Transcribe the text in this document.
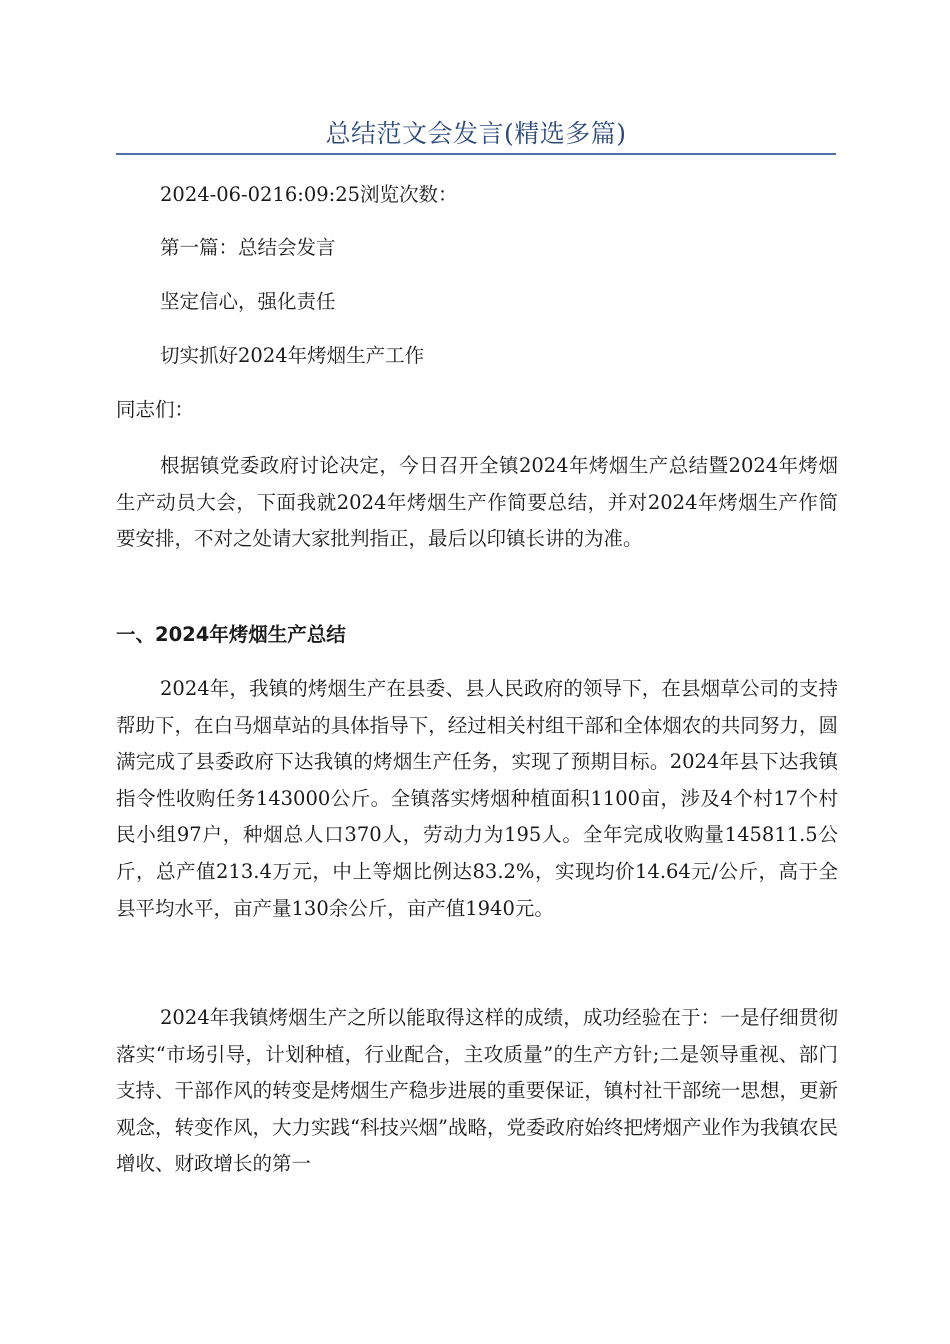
总结范文会发言(精选多篇)
2024-06-0216:09:25浏览次数：
第一篇：总结会发言
坚定信心，强化责任
切实抓好2024年烤烟生产工作
同志们：

根据镇党委政府讨论决定，今日召开全镇2024年烤烟生产总结暨2024年烤烟生产动员大会，下面我就2024年烤烟生产作简要总结，并对2024年烤烟生产作简要安排，不对之处请大家批判指正，最后以印镇长讲的为准。

一、2024年烤烟生产总结

2024年，我镇的烤烟生产在县委、县人民政府的领导下，在县烟草公司的支持帮助下，在白马烟草站的具体指导下，经过相关村组干部和全体烟农的共同努力，圆满完成了县委政府下达我镇的烤烟生产任务，实现了预期目标。2024年县下达我镇指令性收购任务143000公斤。全镇落实烤烟种植面积1100亩，涉及4个村17个村民小组97户，种烟总人口370人，劳动力为195人。全年完成收购量145811.5公斤，总产值213.4万元，中上等烟比例达83.2%，实现均价14.64元/公斤，高于全县平均水平，亩产量130余公斤，亩产值1940元。

2024年我镇烤烟生产之所以能取得这样的成绩，成功经验在于：一是仔细贯彻落实“市场引导，计划种植，行业配合，主攻质量”的生产方针;二是领导重视、部门支持、干部作风的转变是烤烟生产稳步进展的重要保证，镇村社干部统一思想，更新观念，转变作风，大力实践“科技兴烟”战略，党委政府始终把烤烟产业作为我镇农民增收、财政增长的第一
